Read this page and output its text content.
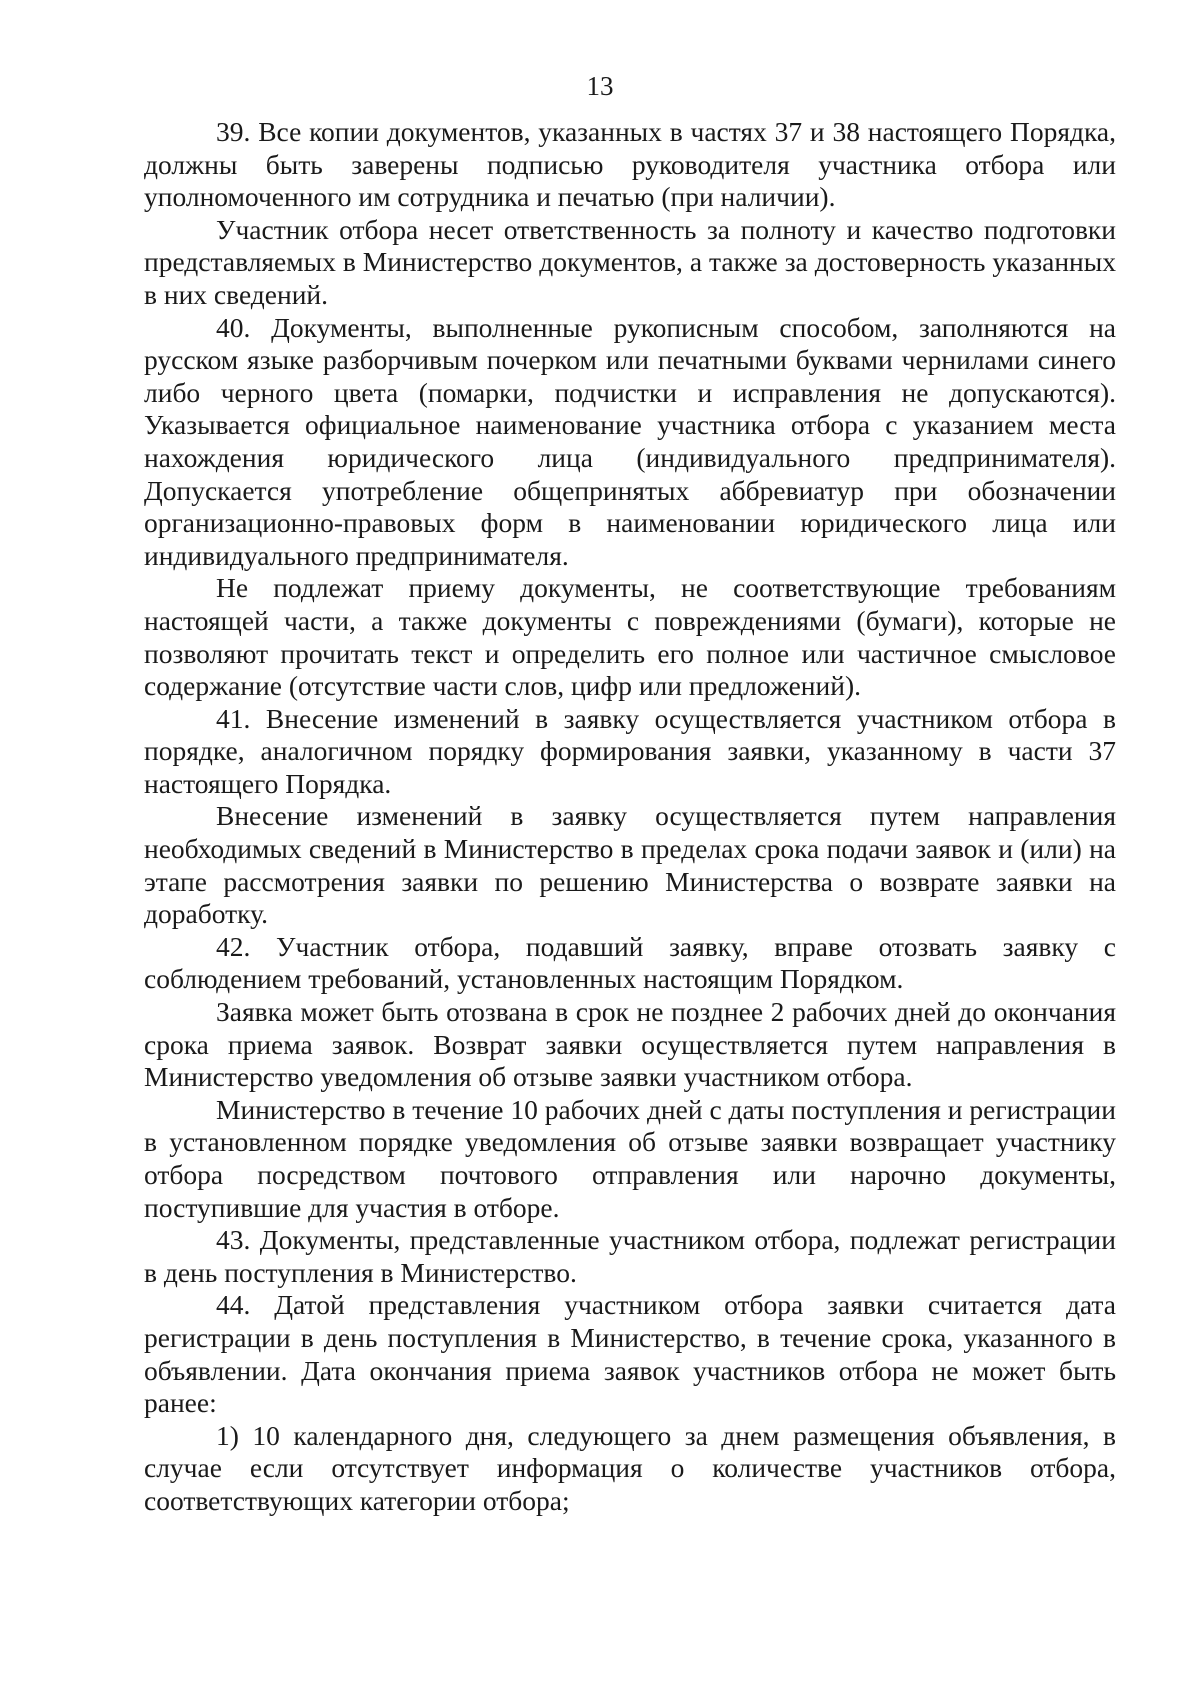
13

39. Все копии документов, указанных в частях 37 и 38 настоящего Порядка, должны быть заверены подписью руководителя участника отбора или уполномоченного им сотрудника и печатью (при наличии).

Участник отбора несет ответственность за полноту и качество подготовки представляемых в Министерство документов, а также за достоверность указанных в них сведений.

40. Документы, выполненные рукописным способом, заполняются на русском языке разборчивым почерком или печатными буквами чернилами синего либо черного цвета (помарки, подчистки и исправления не допускаются). Указывается официальное наименование участника отбора с указанием места нахождения юридического лица (индивидуального предпринимателя). Допускается употребление общепринятых аббревиатур при обозначении организационно-правовых форм в наименовании юридического лица или индивидуального предпринимателя.

Не подлежат приему документы, не соответствующие требованиям настоящей части, а также документы с повреждениями (бумаги), которые не позволяют прочитать текст и определить его полное или частичное смысловое содержание (отсутствие части слов, цифр или предложений).

41. Внесение изменений в заявку осуществляется участником отбора в порядке, аналогичном порядку формирования заявки, указанному в части 37 настоящего Порядка.

Внесение изменений в заявку осуществляется путем направления необходимых сведений в Министерство в пределах срока подачи заявок и (или) на этапе рассмотрения заявки по решению Министерства о возврате заявки на доработку.

42. Участник отбора, подавший заявку, вправе отозвать заявку с соблюдением требований, установленных настоящим Порядком.

Заявка может быть отозвана в срок не позднее 2 рабочих дней до окончания срока приема заявок. Возврат заявки осуществляется путем направления в Министерство уведомления об отзыве заявки участником отбора.

Министерство в течение 10 рабочих дней с даты поступления и регистрации в установленном порядке уведомления об отзыве заявки возвращает участнику отбора посредством почтового отправления или нарочно документы, поступившие для участия в отборе.

43. Документы, представленные участником отбора, подлежат регистрации в день поступления в Министерство.

44. Датой представления участником отбора заявки считается дата регистрации в день поступления в Министерство, в течение срока, указанного в объявлении. Дата окончания приема заявок участников отбора не может быть ранее:

1) 10 календарного дня, следующего за днем размещения объявления, в случае если отсутствует информация о количестве участников отбора, соответствующих категории отбора;
